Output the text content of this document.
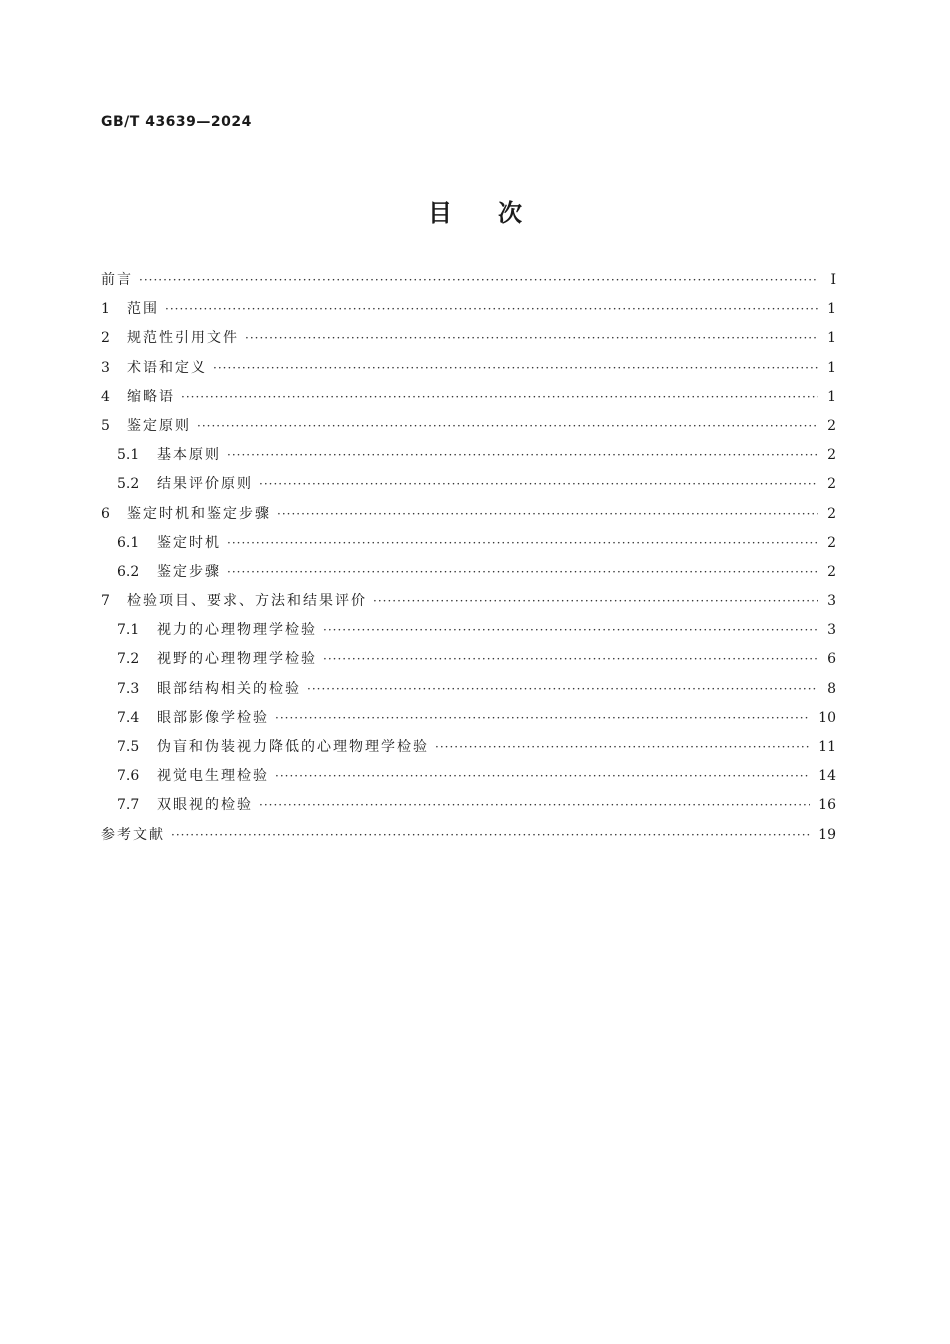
GB/T 43639—2024
目次
前言 ·····	Ⅰ
1	范围 ·····	1
2	规范性引用文件 ·····	1
3	术语和定义 ·····	1
4	缩略语 ·····	1
5	鉴定原则 ·····	2
5.1	基本原则 ·····	2
5.2	结果评价原则 ·····	2
6	鉴定时机和鉴定步骤 ·····	2
6.1	鉴定时机 ·····	2
6.2	鉴定步骤 ·····	2
7	检验项目、要求、方法和结果评价 ·····	3
7.1	视力的心理物理学检验 ·····	3
7.2	视野的心理物理学检验 ·····	6
7.3	眼部结构相关的检验 ·····	8
7.4	眼部影像学检验 ·····	10
7.5	伪盲和伪装视力降低的心理物理学检验 ·····	11
7.6	视觉电生理检验 ·····	14
7.7	双眼视的检验 ·····	16
参考文献 ·····	19
